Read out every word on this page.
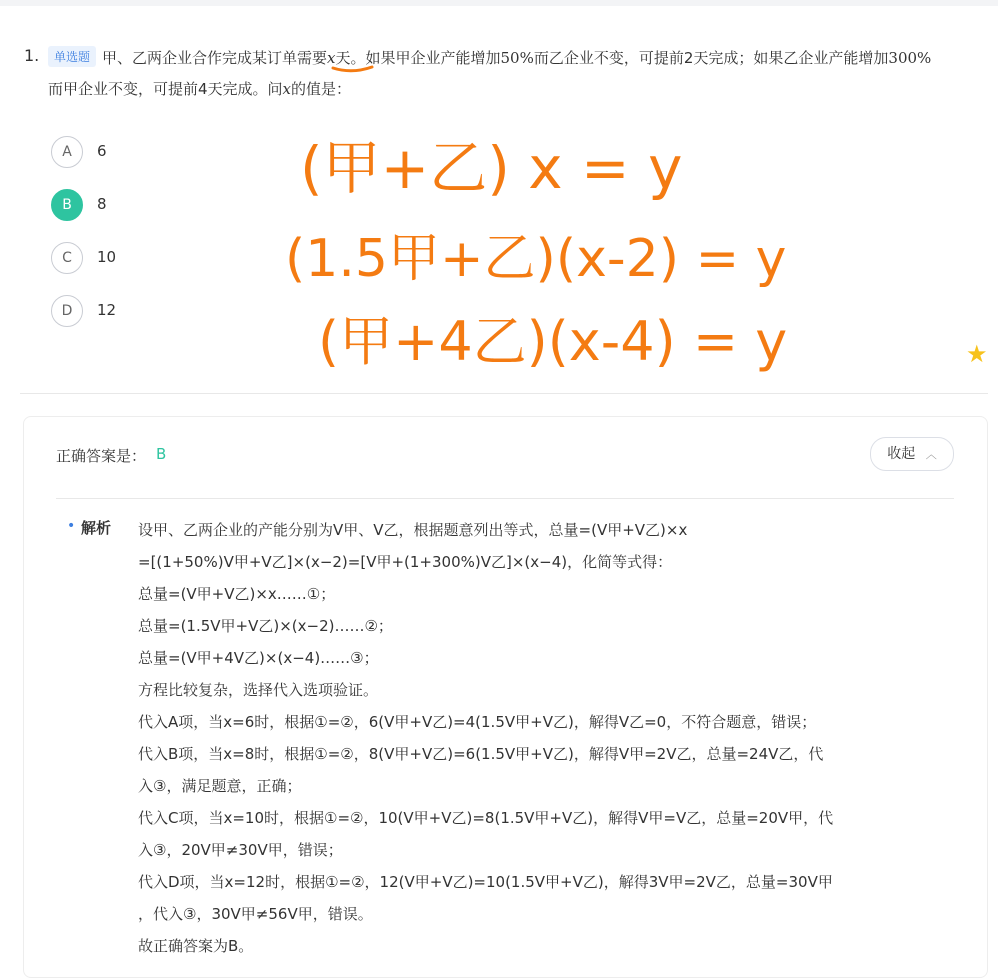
1.	单选题 甲、乙两企业合作完成某订单需要x天。如果甲企业产能增加50%而乙企业不变，可提前2天完成；如果乙企业产能增加300%
而甲企业不变，可提前4天完成。问x的值是：
A	6
B	8
C	10
D	12
(甲+乙) x = y
(1.5甲+乙)(x-2) = y
(甲+4乙)(x-4) = y	★
正确答案是： B	收起 ︿
• 解析 设甲、乙两企业的产能分别为V甲、V乙，根据题意列出等式，总量=(V甲+V乙)×x
=[(1+50%)V甲+V乙]×(x−2)=[V甲+(1+300%)V乙]×(x−4)，化简等式得：
总量=(V甲+V乙)×x……①；
总量=(1.5V甲+V乙)×(x−2)……②；
总量=(V甲+4V乙)×(x−4)……③；
方程比较复杂，选择代入选项验证。
代入A项，当x=6时，根据①=②，6(V甲+V乙)=4(1.5V甲+V乙)，解得V乙=0，不符合题意，错误；
代入B项，当x=8时，根据①=②，8(V甲+V乙)=6(1.5V甲+V乙)，解得V甲=2V乙，总量=24V乙，代
入③，满足题意，正确；
代入C项，当x=10时，根据①=②，10(V甲+V乙)=8(1.5V甲+V乙)，解得V甲=V乙，总量=20V甲，代
入③，20V甲≠30V甲，错误；
代入D项，当x=12时，根据①=②，12(V甲+V乙)=10(1.5V甲+V乙)，解得3V甲=2V乙，总量=30V甲
，代入③，30V甲≠56V甲，错误。
故正确答案为B。
